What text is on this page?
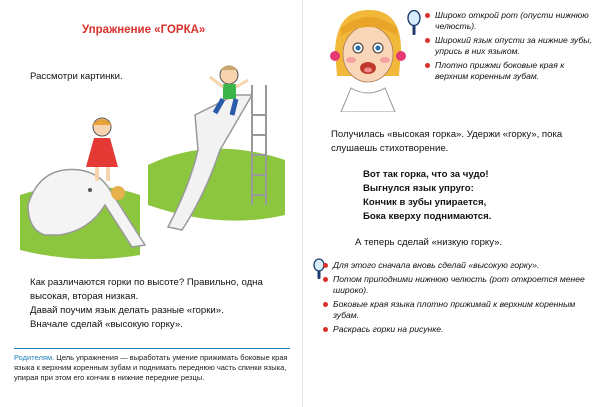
Упражнение «ГОРКА»
Рассмотри картинки.
Как различаются горки по высоте? Правильно, одна высокая, вторая низкая.
Давай поучим язык делать разные «горки».
Вначале сделай «высокую горку».
Родителям. Цель упражнения — выработать умение прижимать боковые края языка к верхним коренным зубам и поднимать переднюю часть спинки языка, упирая при этом его кончик в нижние передние резцы.
Широко открой рот (опусти нижнюю челюсть).
Широкий язык опусти за нижние зубы, упрись в них языком.
Плотно прижми боковые края к верхним коренным зубам.
Получилась «высокая горка». Удержи «горку», пока слушаешь стихотворение.
Вот так горка, что за чудо!
Выгнулся язык упруго:
Кончик в зубы упирается,
Бока кверху поднимаются.
А теперь сделай «низкую горку».
Для этого сначала вновь сделай «высокую горку».
Потом приподними нижнюю челюсть (рот откроется менее широко).
Боковые края языка плотно прижимай к верхним коренным зубам.
Раскрась горки на рисунке.
